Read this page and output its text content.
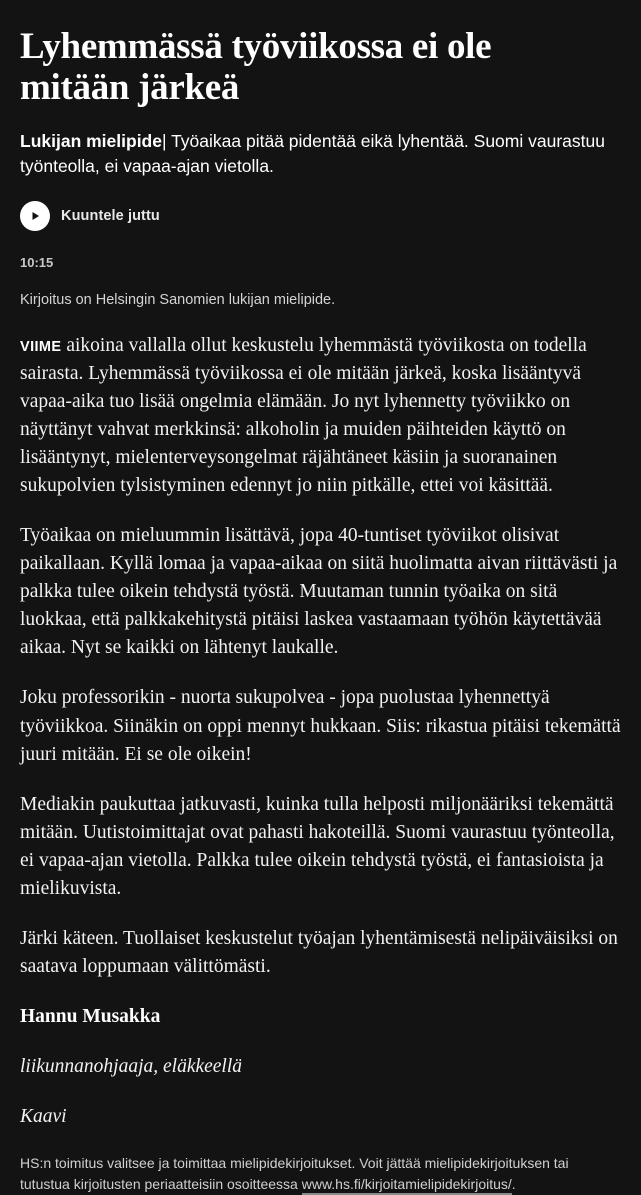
Lyhemmässä työviikossa ei ole mitään järkeä

Lukijan mielipide| Työaikaa pitää pidentää eikä lyhentää. Suomi vaurastuu työnteolla, ei vapaa-ajan vietolla.

Kuuntele juttu
10:15
Kirjoitus on Helsingin Sanomien lukijan mielipide.

VIIME aikoina vallalla ollut keskustelu lyhemmästä työviikosta on todella sairasta. Lyhemmässä työviikossa ei ole mitään järkeä, koska lisääntyvä vapaa-aika tuo lisää ongelmia elämään. Jo nyt lyhennetty työviikko on näyttänyt vahvat merkkinsä: alkoholin ja muiden päihteiden käyttö on lisääntynyt, mielenterveysongelmat räjähtäneet käsiin ja suoranainen sukupolvien tylsistyminen edennyt jo niin pitkälle, ettei voi käsittää.

Työaikaa on mieluummin lisättävä, jopa 40-tuntiset työviikot olisivat paikallaan. Kyllä lomaa ja vapaa-aikaa on siitä huolimatta aivan riittävästi ja palkka tulee oikein tehdystä työstä. Muutaman tunnin työaika on sitä luokkaa, että palkkakehitystä pitäisi laskea vastaamaan työhön käytettävää aikaa. Nyt se kaikki on lähtenyt laukalle.

Joku professorikin - nuorta sukupolvea - jopa puolustaa lyhennettyä työviikkoa. Siinäkin on oppi mennyt hukkaan. Siis: rikastua pitäisi tekemättä juuri mitään. Ei se ole oikein!

Mediakin paukuttaa jatkuvasti, kuinka tulla helposti miljonääriksi tekemättä mitään. Uutistoimittajat ovat pahasti hakoteillä. Suomi vaurastuu työnteolla, ei vapaa-ajan vietolla. Palkka tulee oikein tehdystä työstä, ei fantasioista ja mielikuvista.

Järki käteen. Tuollaiset keskustelut työajan lyhentämisestä nelipäiväisiksi on saatava loppumaan välittömästi.

Hannu Musakka
liikunnanohjaaja, eläkkeellä
Kaavi

HS:n toimitus valitsee ja toimittaa mielipidekirjoitukset. Voit jättää mielipidekirjoituksen tai tutustua kirjoitusten periaatteisiin osoitteessa www.hs.fi/kirjoitamielipidekirjoitus/.
